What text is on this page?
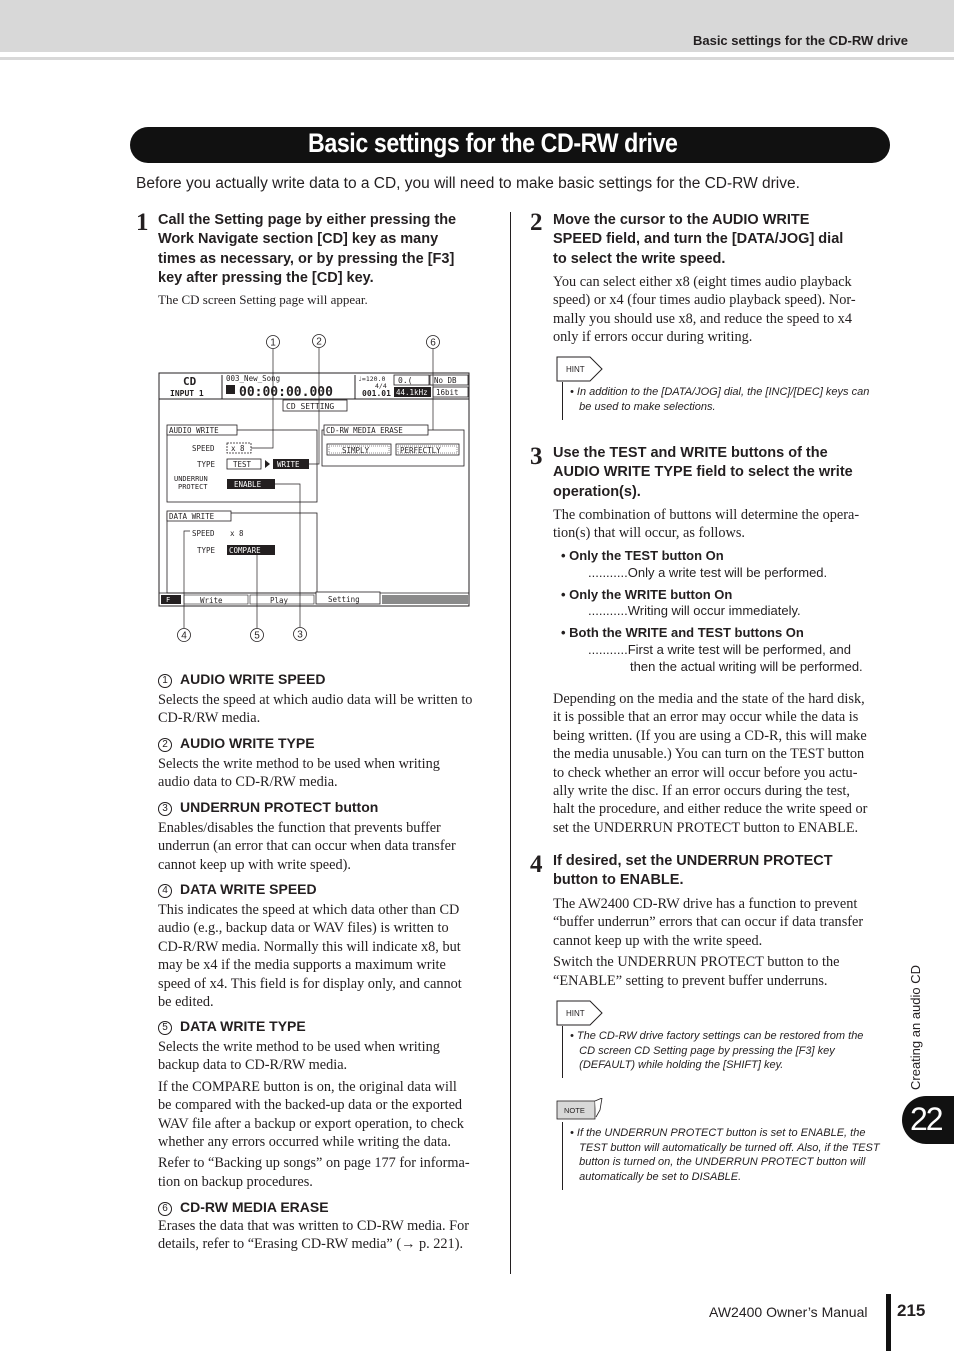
Basic settings for the CD-RW drive
Basic settings for the CD-RW drive
Before you actually write data to a CD, you will need to make basic settings for the CD-RW drive.
1 Call the Setting page by either pressing the
Work Navigate section [CD] key as many
times as necessary, or by pressing the [F3]
key after pressing the [CD] key.
The CD screen Setting page will appear.
1	2	6
4	5	3
CD
INPUT 1
003_New_Song
00:00:00.000
♩=120.0
4/4
001.01
0.(	No DB
44.1kHz 16bit
CD SETTING
AUDIO WRITE
SPEED x 8
TYPE TEST	WRITE
UNDERRUN
PROTECT	ENABLE
CD-RW MEDIA ERASE
SIMPLY	PERFECTLY
DATA WRITE
SPEED x 8
TYPE COMPARE
F	Write	Play	Setting
1 AUDIO WRITE SPEED
Selects the speed at which audio data will be written to
CD-R/RW media.
2 AUDIO WRITE TYPE
Selects the write method to be used when writing
audio data to CD-R/RW media.
3 UNDERRUN PROTECT button
Enables/disables the function that prevents buffer
underrun (an error that can occur when data transfer
cannot keep up with write speed).
4 DATA WRITE SPEED
This indicates the speed at which data other than CD
audio (e.g., backup data or WAV files) is written to
CD-R/RW media. Normally this will indicate x8, but
may be x4 if the media supports a maximum write
speed of x4. This field is for display only, and cannot
be edited.
5 DATA WRITE TYPE
Selects the write method to be used when writing
backup data to CD-R/RW media.
If the COMPARE button is on, the original data will
be compared with the backed-up data or the exported
WAV file after a backup or export operation, to check
whether any errors occurred while writing the data.
Refer to “Backing up songs” on page 177 for informa-
tion on backup procedures.
6 CD-RW MEDIA ERASE
Erases the data that was written to CD-RW media. For
details, refer to “Erasing CD-RW media” (→ p. 221).
2 Move the cursor to the AUDIO WRITE
SPEED field, and turn the [DATA/JOG] dial
to select the write speed.
You can select either x8 (eight times audio playback
speed) or x4 (four times audio playback speed). Nor-
mally you should use x8, and reduce the speed to x4
only if errors occur during writing.
HINT
• In addition to the [DATA/JOG] dial, the [INC]/[DEC] keys can
be used to make selections.
3 Use the TEST and WRITE buttons of the
AUDIO WRITE TYPE field to select the write
operation(s).
The combination of buttons will determine the opera-
tion(s) that will occur, as follows.
• Only the TEST button On
...........Only a write test will be performed.
• Only the WRITE button On
...........Writing will occur immediately.
• Both the WRITE and TEST buttons On
...........First a write test will be performed, and
then the actual writing will be performed.
Depending on the media and the state of the hard disk,
it is possible that an error may occur while the data is
being written. (If you are using a CD-R, this will make
the media unusable.) You can turn on the TEST button
to check whether an error will occur before you actu-
ally write the disc. If an error occurs during the test,
halt the procedure, and either reduce the write speed or
set the UNDERRUN PROTECT button to ENABLE.
4 If desired, set the UNDERRUN PROTECT
button to ENABLE.
The AW2400 CD-RW drive has a function to prevent
“buffer underrun” errors that can occur if data transfer
cannot keep up with the write speed.
Switch the UNDERRUN PROTECT button to the
“ENABLE” setting to prevent buffer underruns.
HINT
• The CD-RW drive factory settings can be restored from the
CD screen CD Setting page by pressing the [F3] key
(DEFAULT) while holding the [SHIFT] key.
NOTE
• If the UNDERRUN PROTECT button is set to ENABLE, the
TEST button will automatically be turned off. Also, if the TEST
button is turned on, the UNDERRUN PROTECT button will
automatically be set to DISABLE.
Creating an audio CD
22
AW2400 Owner’s Manual 215
